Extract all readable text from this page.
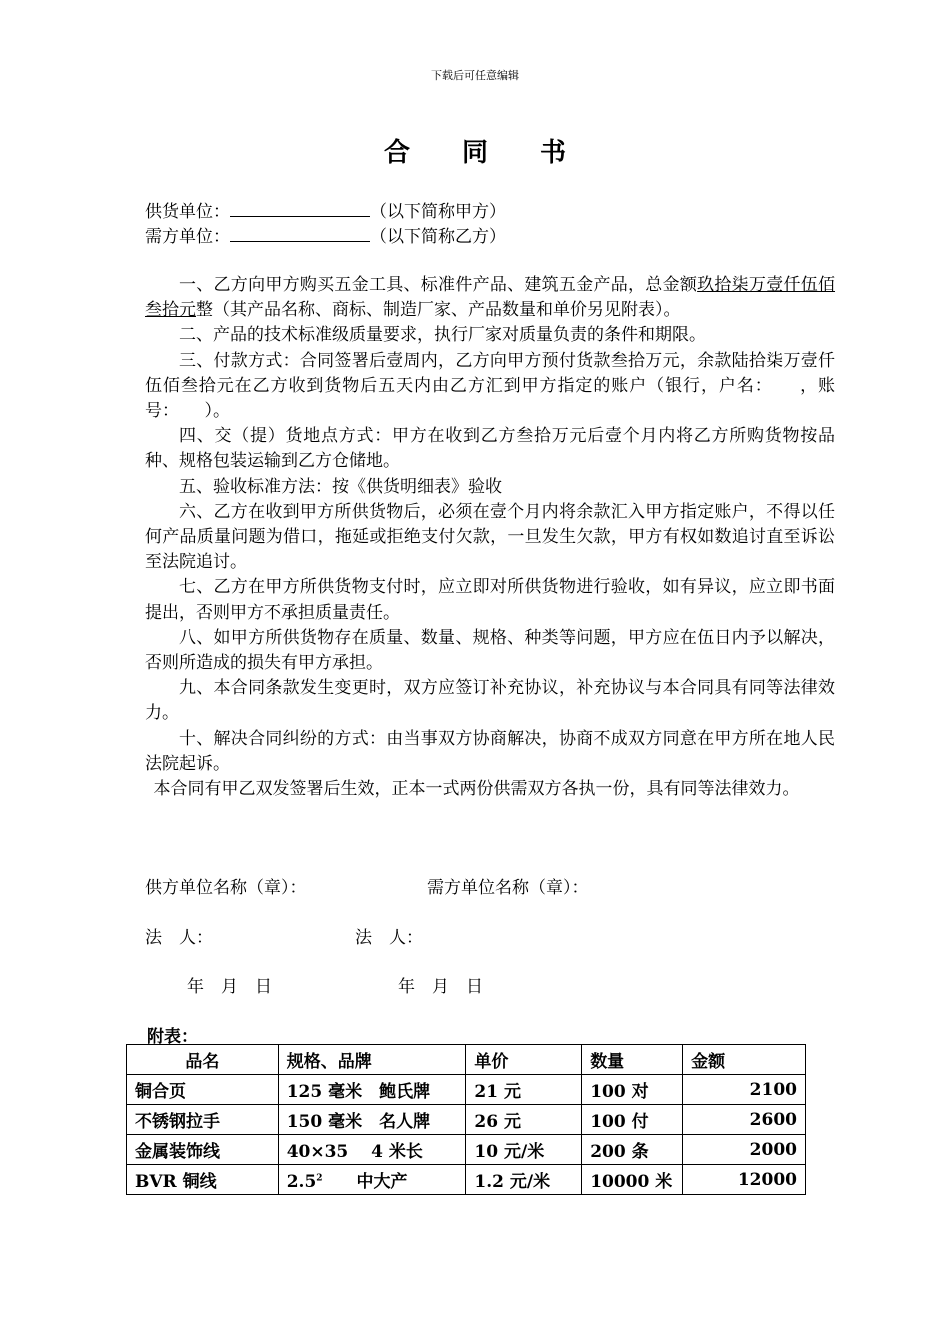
下载后可任意编辑
合 同 书
供货单位：	（以下简称甲方）
需方单位：	（以下简称乙方）

一、乙方向甲方购买五金工具、标准件产品、建筑五金产品，总金额玖拾柒万壹仟伍佰叁拾元整（其产品名称、商标、制造厂家、产品数量和单价另见附表）。

二、产品的技术标准级质量要求，执行厂家对质量负责的条件和期限。

三、付款方式：合同签署后壹周内，乙方向甲方预付货款叁拾万元，余款陆拾柒万壹仟伍佰叁拾元在乙方收到货物后五天内由乙方汇到甲方指定的账户（银行，户名：　　，账号：　　）。

四、交（提）货地点方式：甲方在收到乙方叁拾万元后壹个月内将乙方所购货物按品种、规格包装运输到乙方仓储地。

五、验收标准方法：按《供货明细表》验收

六、乙方在收到甲方所供货物后，必须在壹个月内将余款汇入甲方指定账户，不得以任何产品质量问题为借口，拖延或拒绝支付欠款，一旦发生欠款，甲方有权如数追讨直至诉讼至法院追讨。

七、乙方在甲方所供货物支付时，应立即对所供货物进行验收，如有异议，应立即书面提出，否则甲方不承担质量责任。

八、如甲方所供货物存在质量、数量、规格、种类等问题，甲方应在伍日内予以解决，否则所造成的损失有甲方承担。

九、本合同条款发生变更时，双方应签订补充协议，补充协议与本合同具有同等法律效力。

十、解决合同纠纷的方式：由当事双方协商解决，协商不成双方同意在甲方所在地人民法院起诉。

本合同有甲乙双发签署后生效，正本一式两份供需双方各执一份，具有同等法律效力。

供方单位名称（章）：	需方单位名称（章）：
法　人：	法　人：
年　月　日	年　月　日
附表：
品名	规格、品牌	单价	数量	金额
铜合页	125 毫米　鲍氏牌	21 元	100 对	2100
不锈钢拉手	150 毫米　名人牌	26 元	100 付	2600
金属装饰线	40×35　 4 米长	10 元/米	200 条	2000
BVR 铜线	$2.5^2$　　中大产	1.2 元/米	10000 米	12000
